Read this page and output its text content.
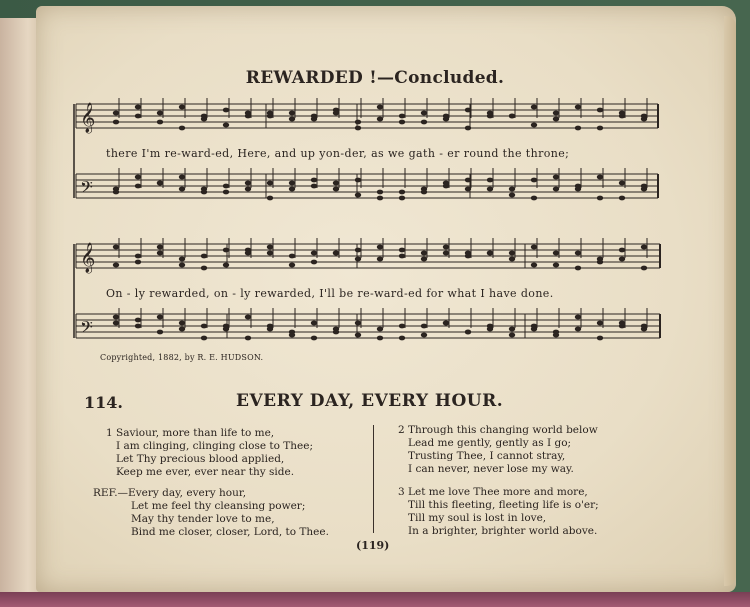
REWARDED !—Concluded.
𝄞
𝄢
𝄞
𝄢
there I'm re-ward-ed, Here, and up yon-der, as we gath - er round the throne;
On - ly rewarded, on - ly rewarded, I'll be re-ward-ed for what I have done.
Copyrighted, 1882, by R. E. HUDSON.
114.	EVERY DAY, EVERY HOUR.
1 Saviour, more than life to me,
I am clinging, clinging close to Thee;
Let Thy precious blood applied,
Keep me ever, ever near thy side.
REF.—Every day, every hour,
Let me feel thy cleansing power;
May thy tender love to me,
Bind me closer, closer, Lord, to Thee.
2 Through this changing world below
Lead me gently, gently as I go;
Trusting Thee, I cannot stray,
I can never, never lose my way.
3 Let me love Thee more and more,
Till this fleeting, fleeting life is o'er;
Till my soul is lost in love,
In a brighter, brighter world above.
(119)
